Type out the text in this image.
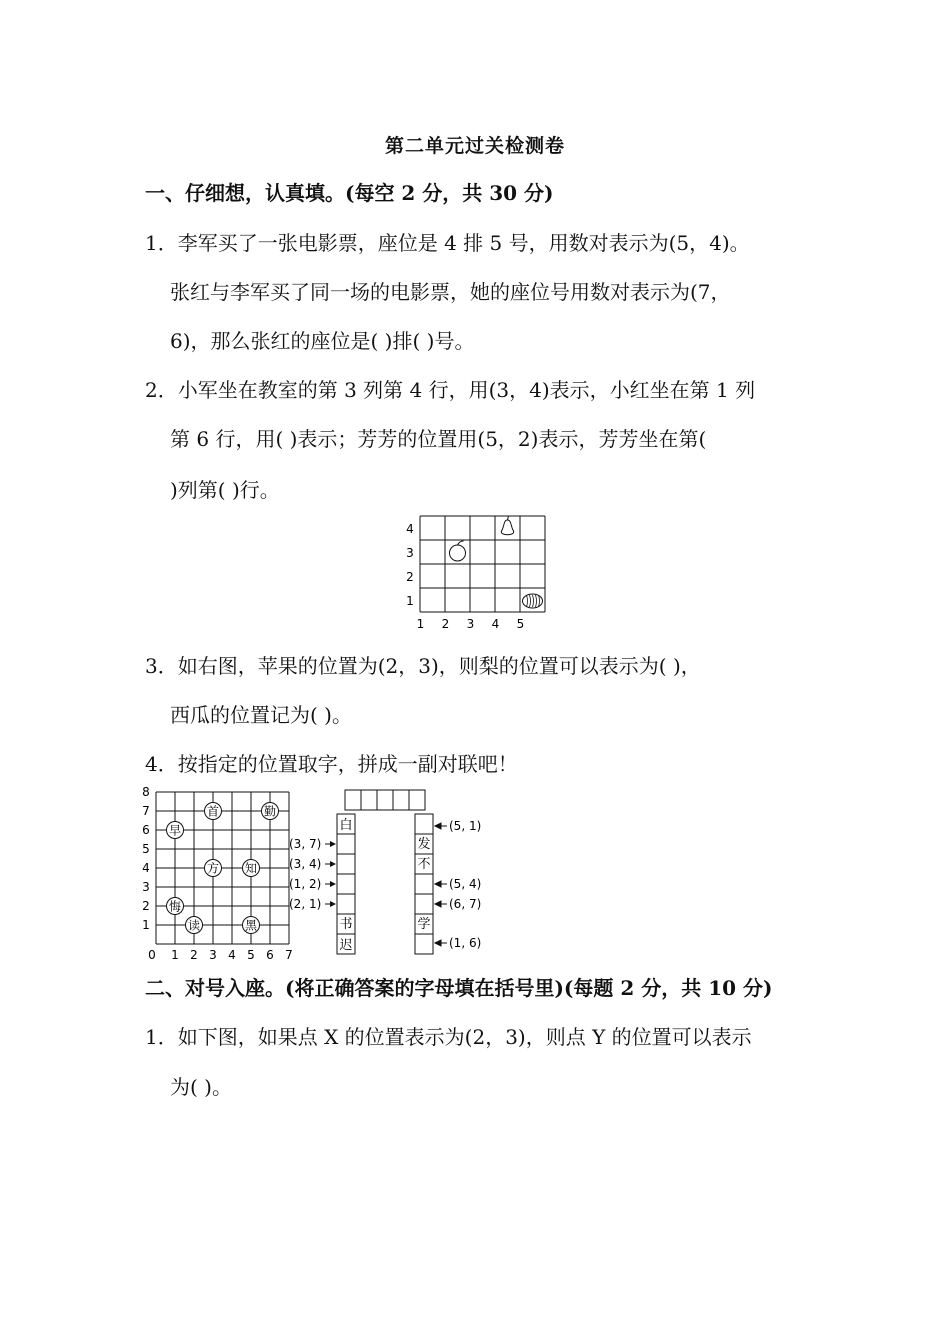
第二单元过关检测卷
一、仔细想，认真填。(每空 2 分，共 30 分)
1．李军买了一张电影票，座位是 4 排 5 号，用数对表示为(5，4)。
张红与李军买了同一场的电影票，她的座位号用数对表示为(7，
6)，那么张红的座位是( )排( )号。
2．小军坐在教室的第 3 列第 4 行，用(3，4)表示，小红坐在第 1 列
第 6 行，用( )表示；芳芳的位置用(5，2)表示，芳芳坐在第(
)列第( )行。
4
3
2
1
1 2 3 4 5
3．如右图，苹果的位置为(2，3)，则梨的位置可以表示为( )，
西瓜的位置记为( )。
4．按指定的位置取字，拼成一副对联吧！
8
7
6
5
4
3
2
1
0 1 2 3 4 5 6 7
首	勤
早
方 知
悔
读	黑
白
(3, 7)
(3, 4)
(1, 2)
(2, 1)
书
迟
发
不
学
(5, 1)
(5, 4)
(6, 7)
(1, 6)
二、对号入座。(将正确答案的字母填在括号里)(每题 2 分，共 10 分)
1．如下图，如果点 X 的位置表示为(2，3)，则点 Y 的位置可以表示
为( )。
